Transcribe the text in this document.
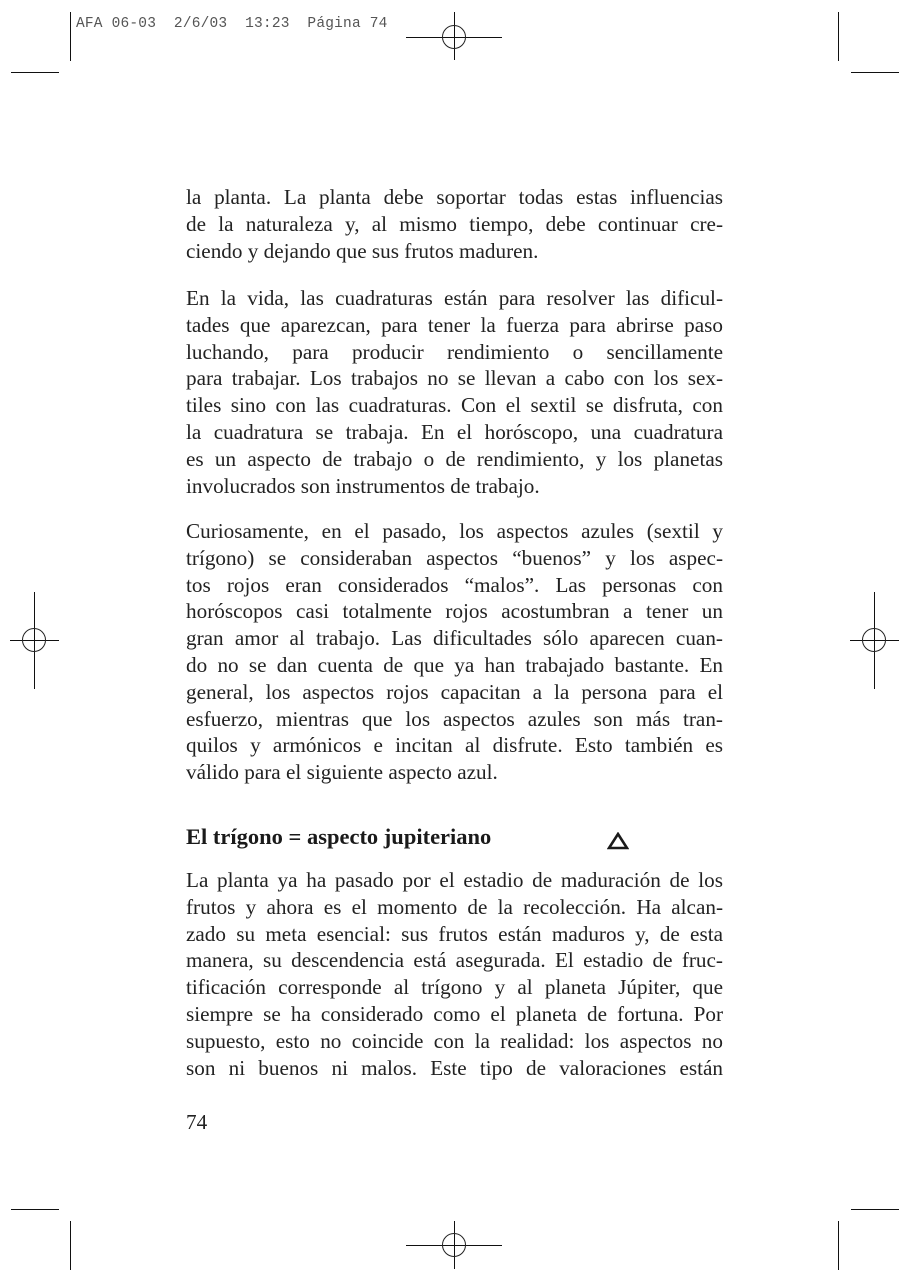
AFA 06-03  2/6/03  13:23  Página 74
la planta. La planta debe soportar todas estas influencias
de la naturaleza y, al mismo tiempo, debe continuar cre-
ciendo y dejando que sus frutos maduren.
En la vida, las cuadraturas están para resolver las dificul-
tades que aparezcan, para tener la fuerza para abrirse paso
luchando, para producir rendimiento o sencillamente
para trabajar. Los trabajos no se llevan a cabo con los sex-
tiles sino con las cuadraturas. Con el sextil se disfruta, con
la cuadratura se trabaja. En el horóscopo, una cuadratura
es un aspecto de trabajo o de rendimiento, y los planetas
involucrados son instrumentos de trabajo.
Curiosamente, en el pasado, los aspectos azules (sextil y
trígono) se consideraban aspectos “buenos” y los aspec-
tos rojos eran considerados “malos”. Las personas con
horóscopos casi totalmente rojos acostumbran a tener un
gran amor al trabajo. Las dificultades sólo aparecen cuan-
do no se dan cuenta de que ya han trabajado bastante. En
general, los aspectos rojos capacitan a la persona para el
esfuerzo, mientras que los aspectos azules son más tran-
quilos y armónicos e incitan al disfrute. Esto también es
válido para el siguiente aspecto azul.
El trígono = aspecto jupiteriano
La planta ya ha pasado por el estadio de maduración de los
frutos y ahora es el momento de la recolección. Ha alcan-
zado su meta esencial: sus frutos están maduros y, de esta
manera, su descendencia está asegurada. El estadio de fruc-
tificación corresponde al trígono y al planeta Júpiter, que
siempre se ha considerado como el planeta de fortuna. Por
supuesto, esto no coincide con la realidad: los aspectos no
son ni buenos ni malos. Este tipo de valoraciones están
74
